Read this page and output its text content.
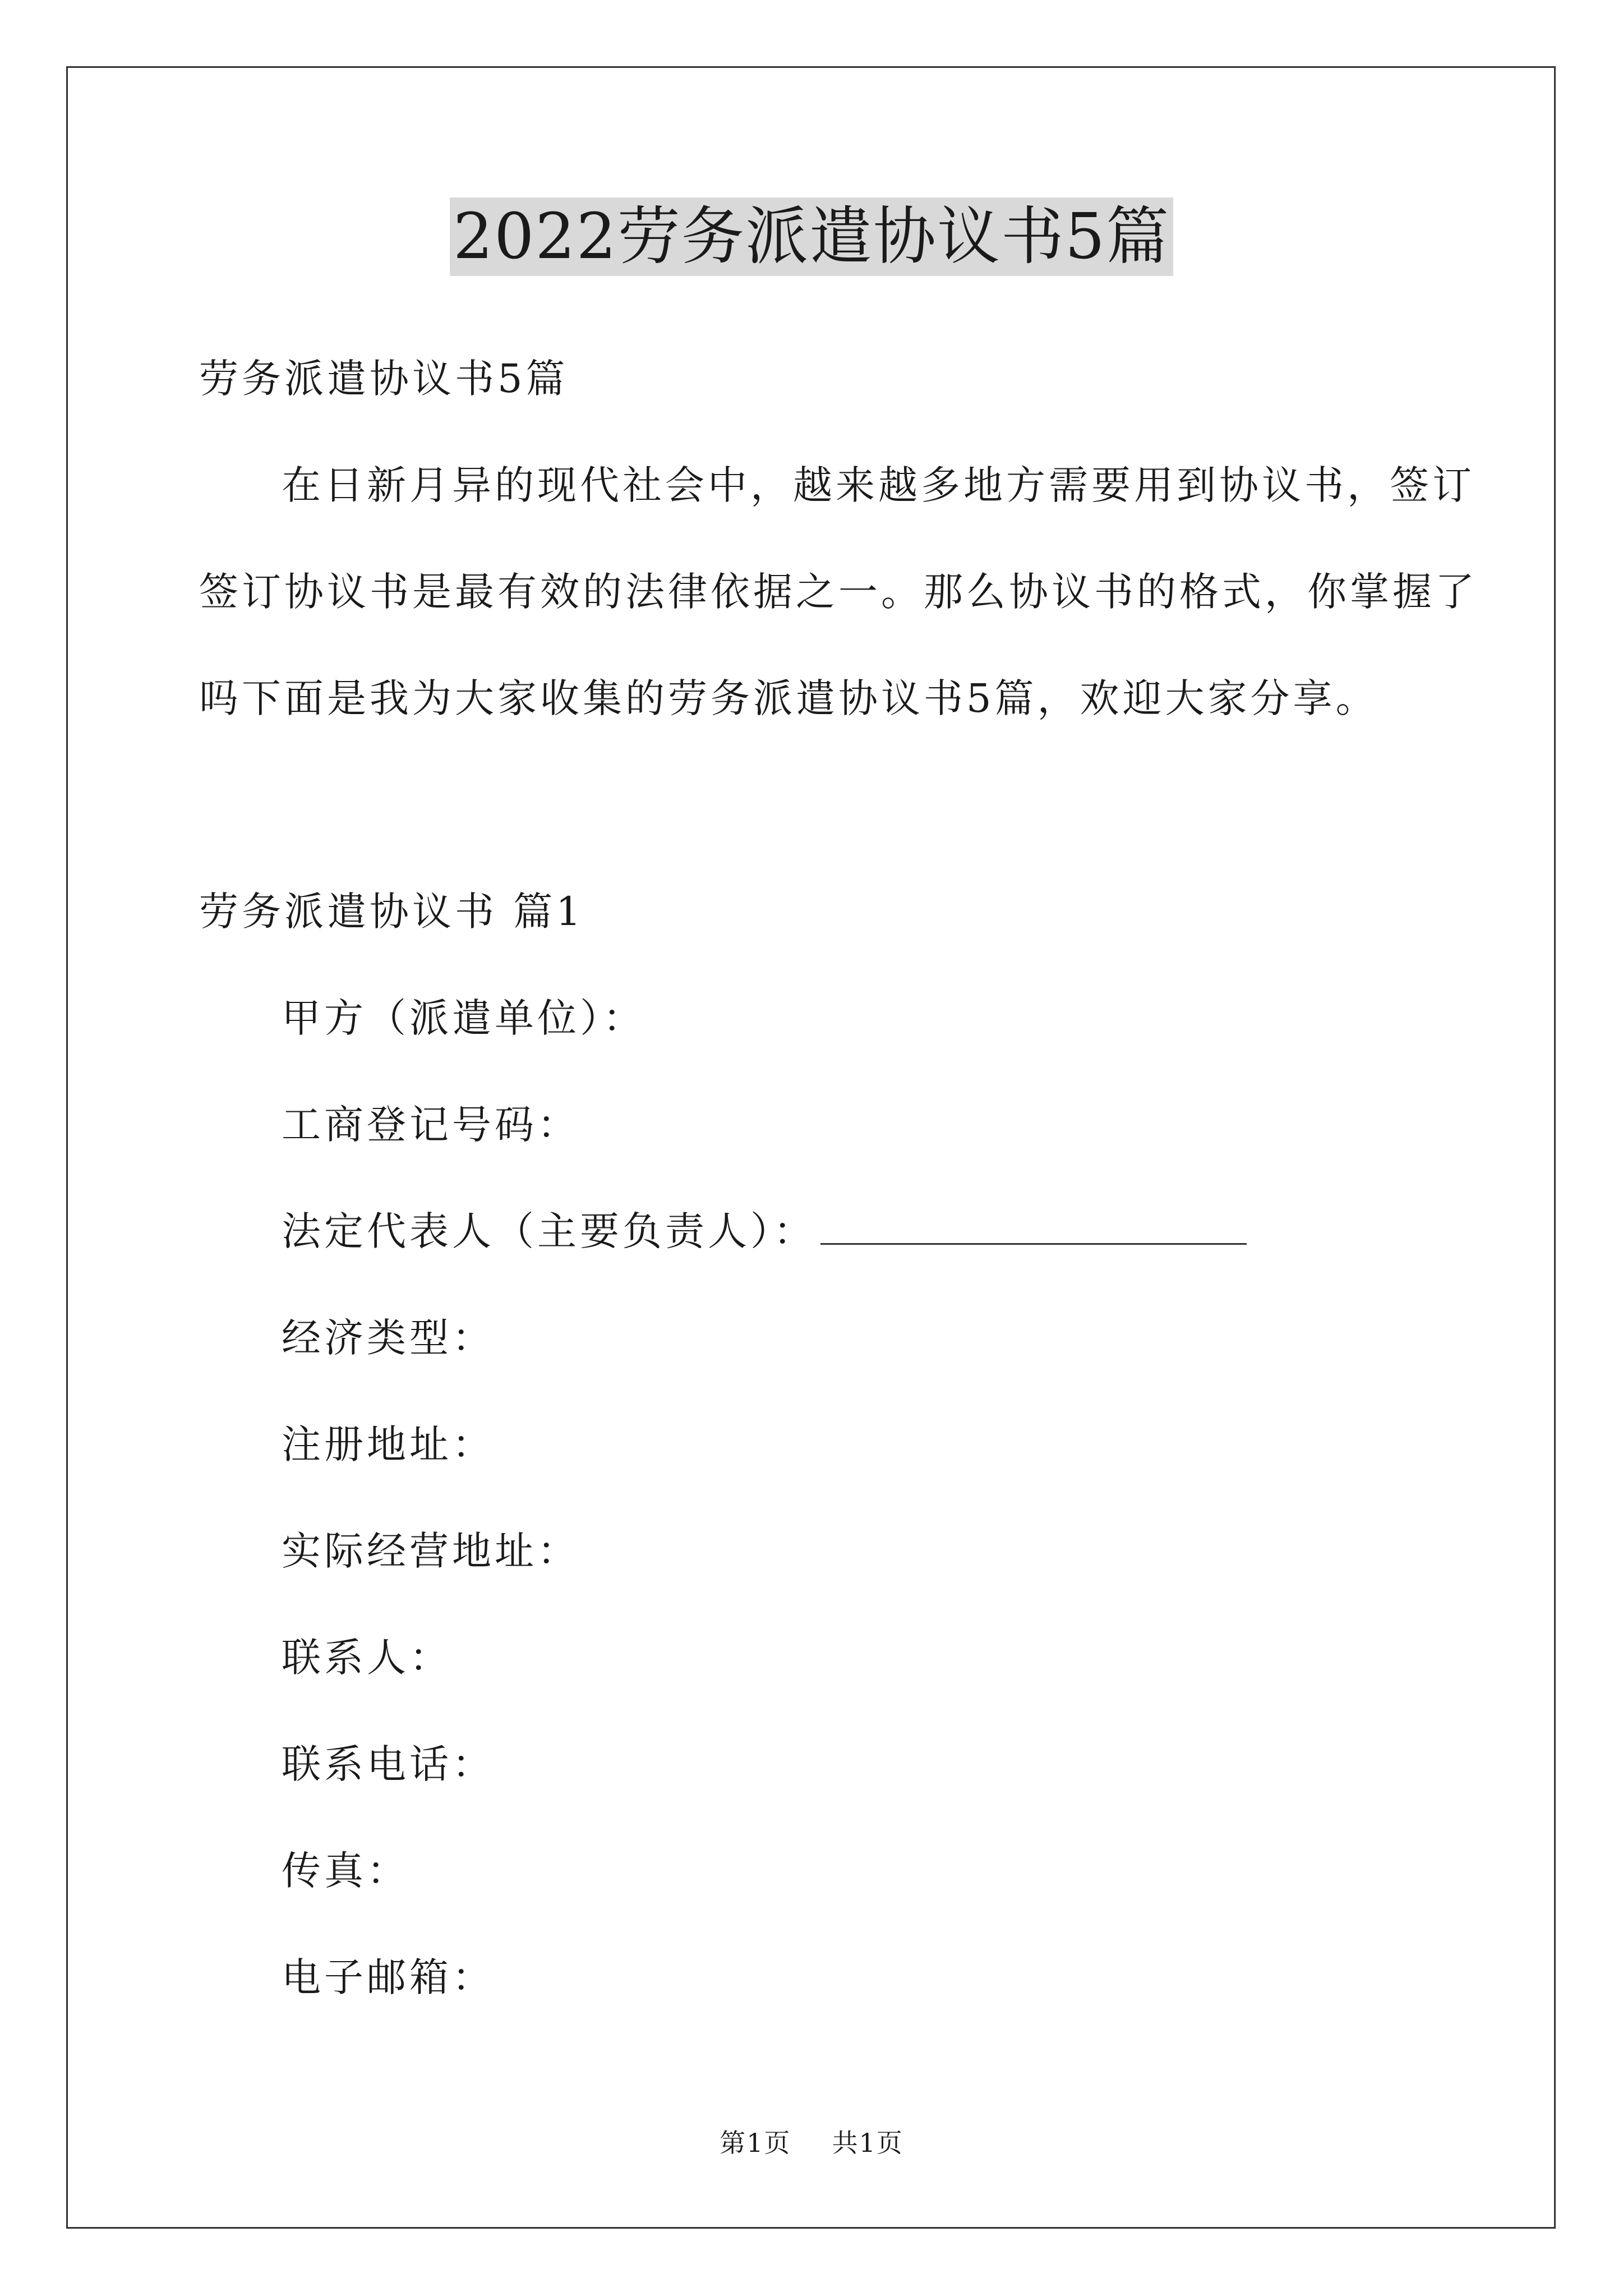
2022劳务派遣协议书5篇
劳务派遣协议书5篇
在日新月异的现代社会中，越来越多地方需要用到协议书，签订
签订协议书是最有效的法律依据之一。那么协议书的格式，你掌握了
吗下面是我为大家收集的劳务派遣协议书5篇，欢迎大家分享。
劳务派遣协议书 篇1
甲方（派遣单位）：
工商登记号码：
法定代表人（主要负责人）：
经济类型：
注册地址：
实际经营地址：
联系人：
联系电话：
传真：
电子邮箱：
第1页 共1页
